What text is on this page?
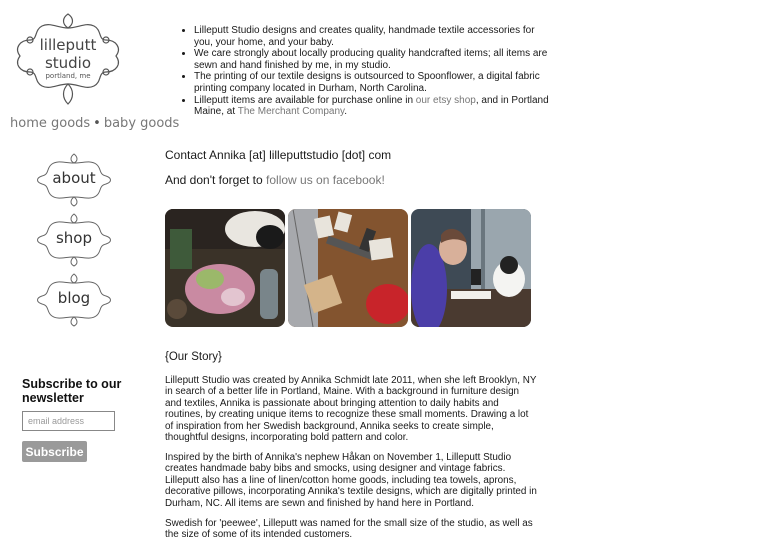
lilleputt
studio
portland, me
home goods • baby goods
about
shop
blog
Subscribe to our newsletter
email address
Subscribe
• Lilleputt Studio designs and creates quality, handmade textile accessories for you, your home, and your baby.
• We care strongly about locally producing quality handcrafted items; all items are sewn and hand finished by me, in my studio.
• The printing of our textile designs is outsourced to Spoonflower, a digital fabric printing company located in Durham, North Carolina.
• Lilleputt items are available for purchase online in our etsy shop, and in Portland Maine, at The Merchant Company.
Contact Annika [at] lilleputtstudio [dot] com
And don't forget to follow us on facebook!
{Our Story}

Lilleputt Studio was created by Annika Schmidt late 2011, when she left Brooklyn, NY in search of a better life in Portland, Maine. With a background in furniture design and textiles, Annika is passionate about bringing attention to daily habits and routines, by creating unique items to recognize these small moments. Drawing a lot of inspiration from her Swedish background, Annika seeks to create simple, thoughtful designs, incorporating bold pattern and color.

Inspired by the birth of Annika's nephew Håkan on November 1, Lilleputt Studio creates handmade baby bibs and smocks, using designer and vintage fabrics. Lilleputt also has a line of linen/cotton home goods, including tea towels, aprons, decorative pillows, incorporating Annika's textile designs, which are digitally printed in Durham, NC. All items are sewn and finished by hand here in Portland.

Swedish for 'peewee', Lilleputt was named for the small size of the studio, as well as the size of some of its intended customers.
